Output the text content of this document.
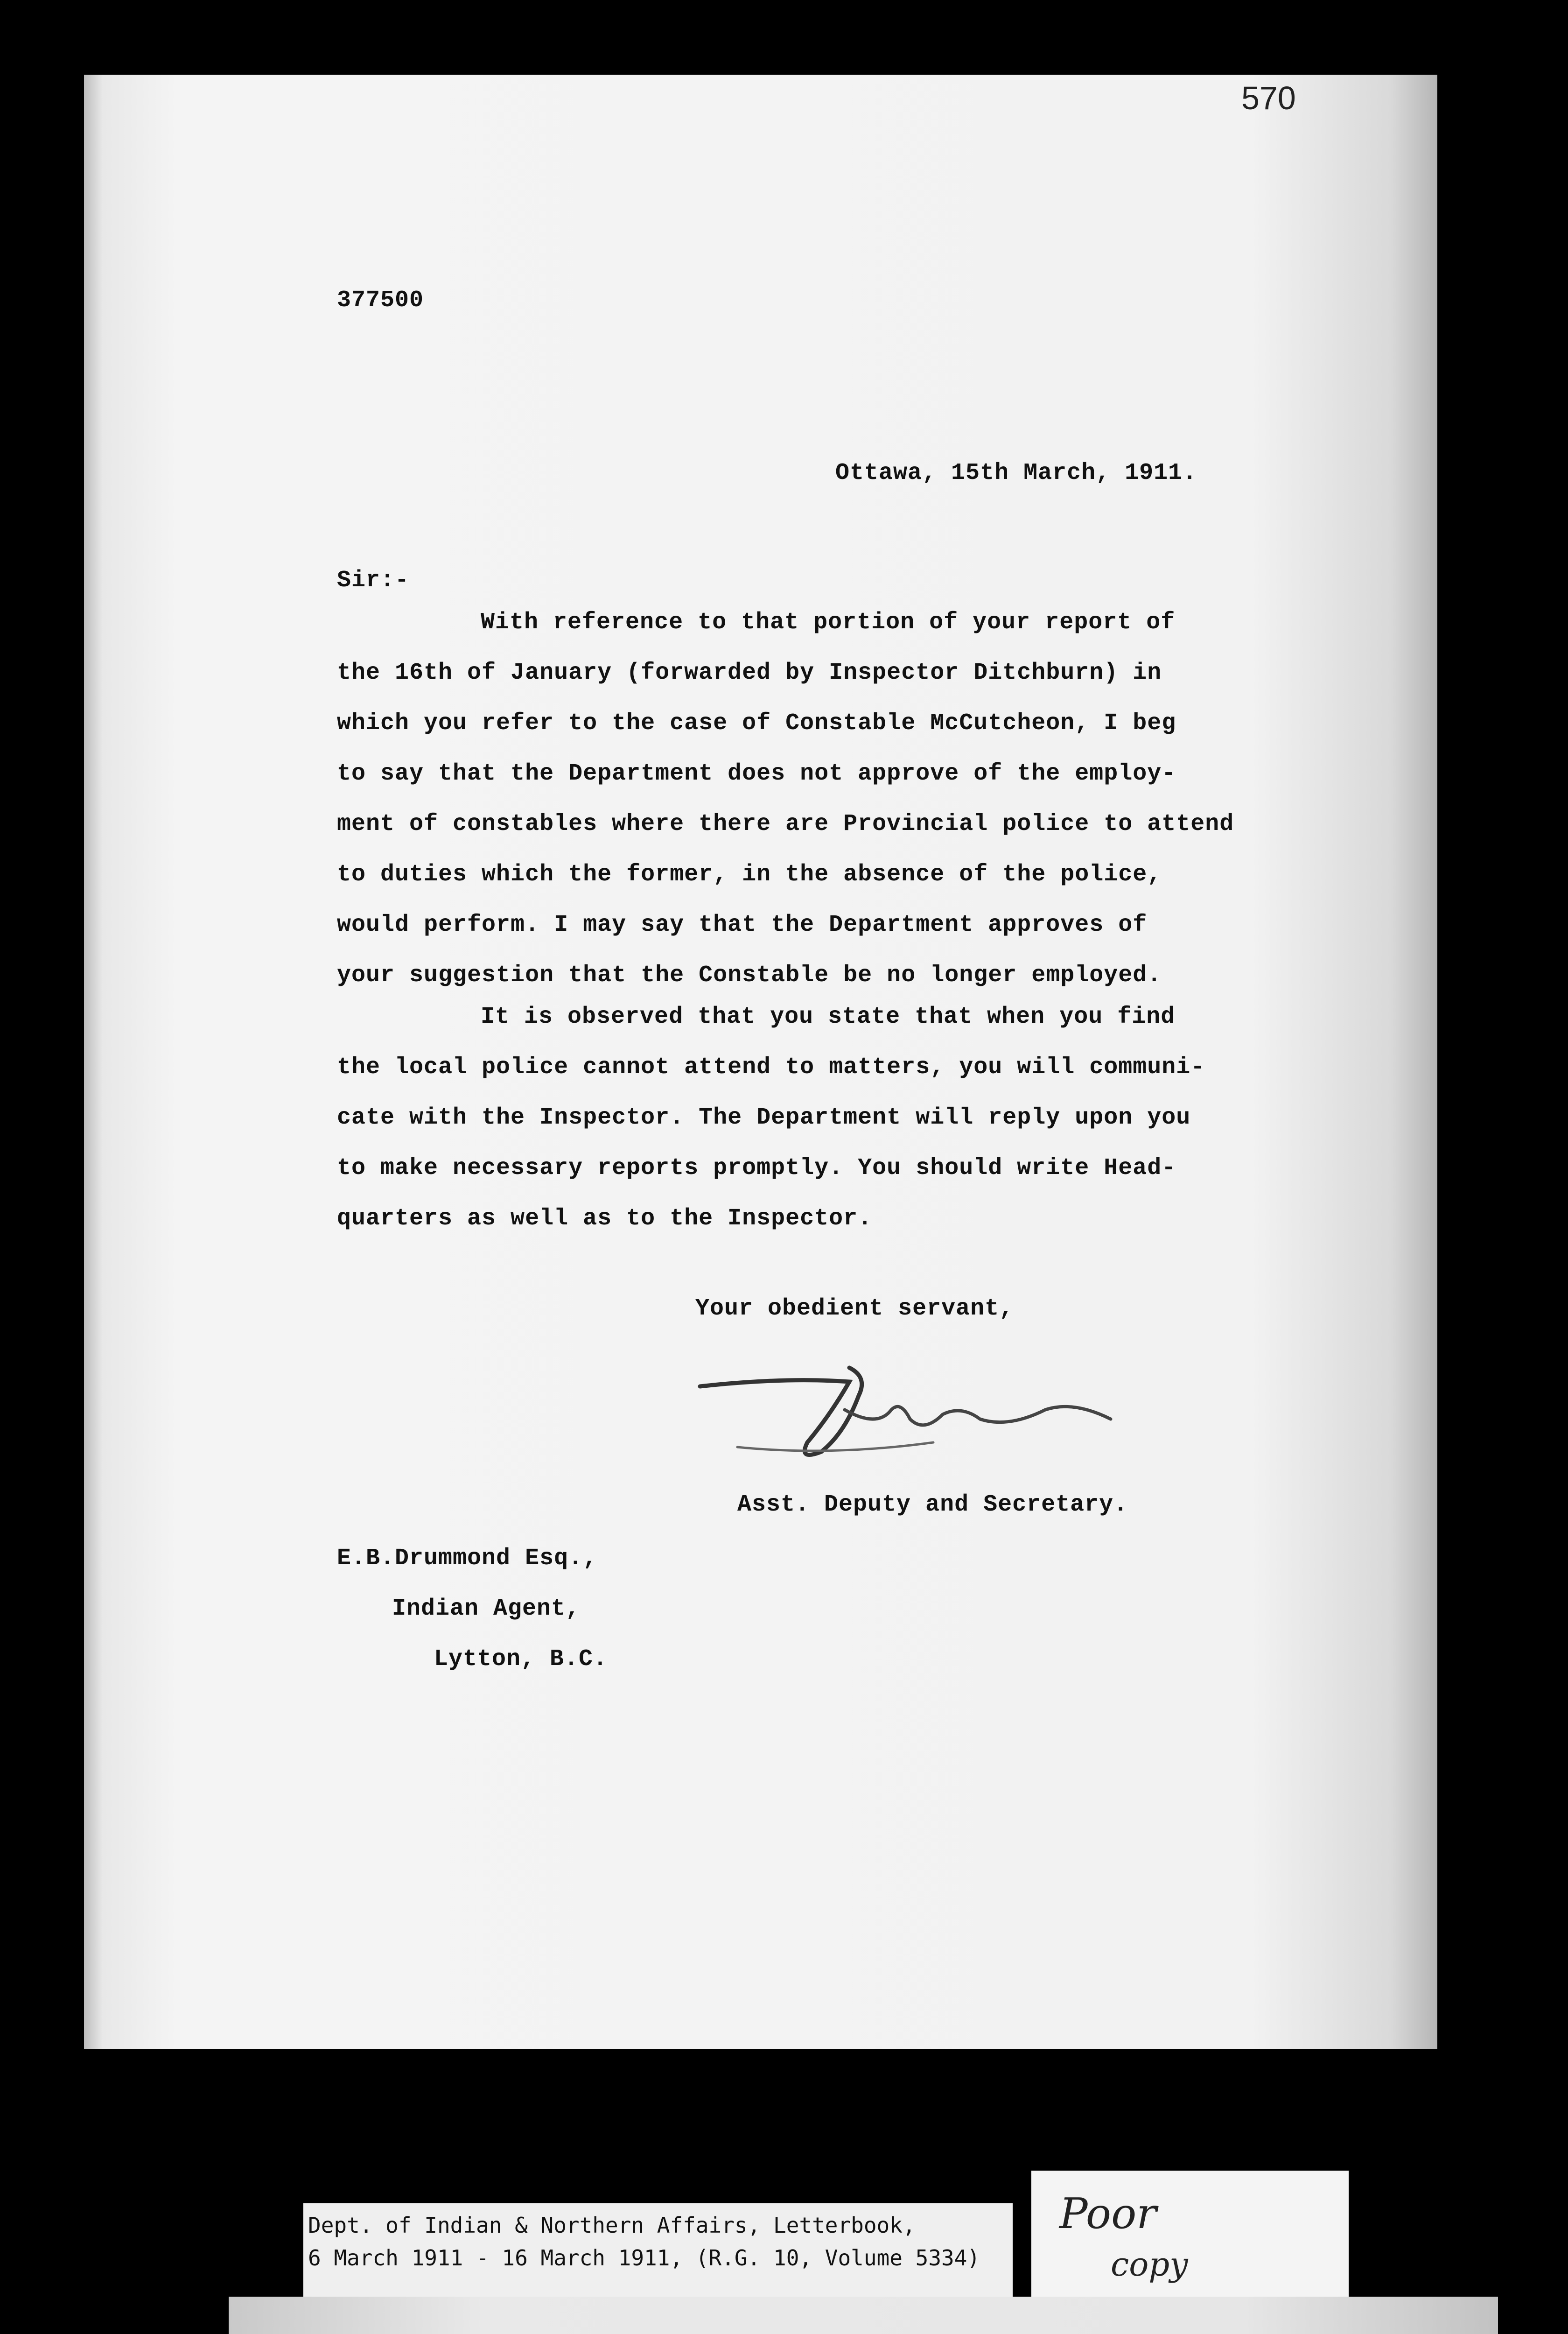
570
377500
Ottawa, 15th March, 1911.
Sir:-
With reference to that portion of your report of
the 16th of January (forwarded by Inspector Ditchburn) in
which you refer to the case of Constable McCutcheon, I beg
to say that the Department does not approve of the employ-
ment of constables where there are Provincial police to attend
to duties which the former, in the absence of the police,
would perform. I may say that the Department approves of
your suggestion that the Constable be no longer employed.
It is observed that you state that when you find
the local police cannot attend to matters, you will communi-
cate with the Inspector. The Department will reply upon you
to make necessary reports promptly. You should write Head-
quarters as well as to the Inspector.
Your obedient servant,
Asst. Deputy and Secretary.
E.B.Drummond Esq.,
Indian Agent,
Lytton, B.C.
Dept. of Indian & Northern Affairs, Letterbook,
6 March 1911 - 16 March 1911, (R.G. 10, Volume 5334)
Poor
copy
